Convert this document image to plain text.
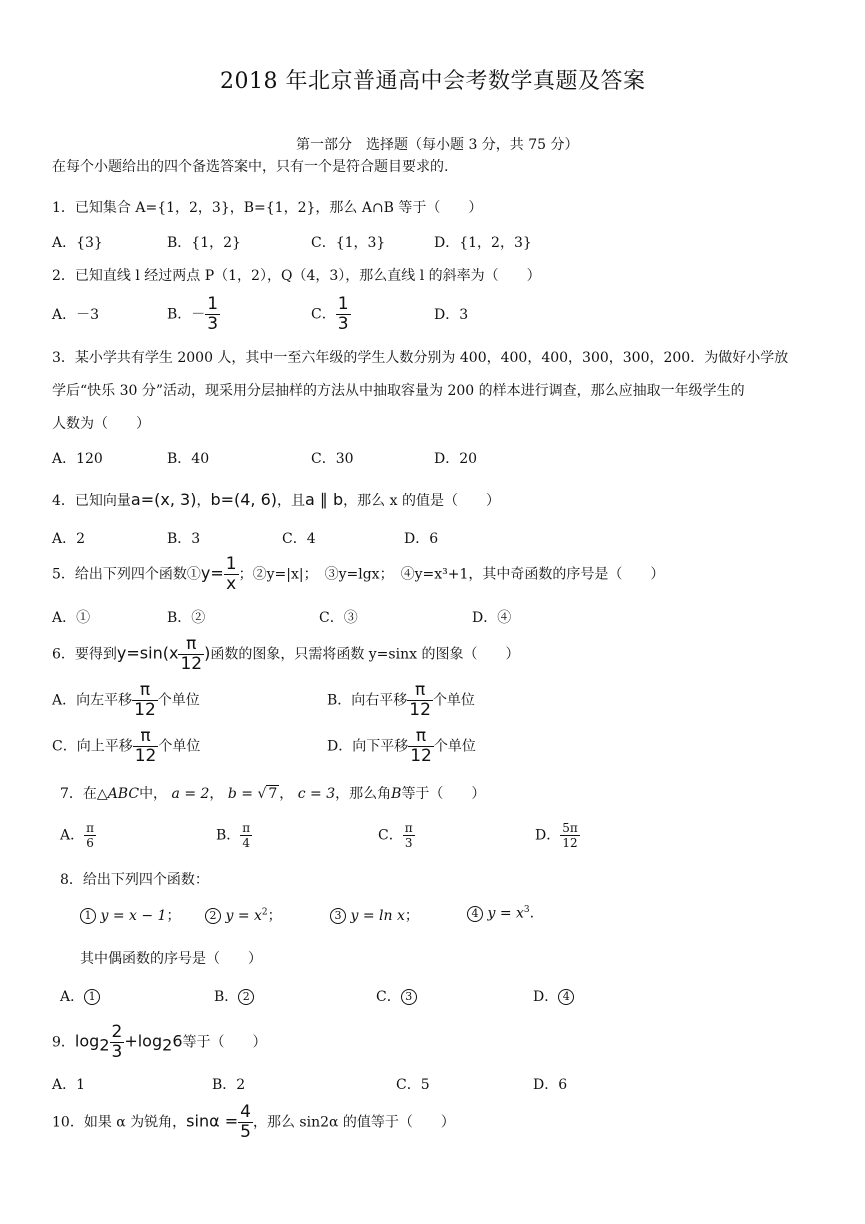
2018 年北京普通高中会考数学真题及答案
第一部分　选择题（每小题 3 分，共 75 分）
在每个小题给出的四个备选答案中，只有一个是符合题目要求的.
1．已知集合 A={1，2，3}，B={1，2}，那么 A∩B 等于（　　）
A．{3}	B．{1，2}	C．{1，3}	D．{1，2，3}
2．已知直线 l 经过两点 P（1，2），Q（4，3），那么直线 l 的斜率为（　　）
A．－3	B．－ $\frac{1}{3}$	C． $\frac{1}{3}$	D．3
3．某小学共有学生 2000 人，其中一至六年级的学生人数分别为 400，400，400，300，300，200．为做好小学放
学后“快乐 30 分”活动，现采用分层抽样的方法从中抽取容量为 200 的样本进行调查，那么应抽取一年级学生的
人数为（　　）
A．120	B．40	C．30	D．20
4．已知向量a=(x, 3)，b=(4, 6)，且a ∥ b，那么 x 的值是（　　）
A．2	B．3	C．4	D．6
5．给出下列四个函数①y= $\frac{1}{x}$ ；②y=|x|；　③y=lgx；　④y=x³+1，其中奇函数的序号是（　　）
A．①	B．②	C．③	D．④
6．要得到$y=\sin(x \frac{\pi}{12}$ )函数的图象，只需将函数 y=sinx 的图象（　　）
A．向左平移 $\frac{\pi}{12}$ 个单位	B．向右平移 $\frac{\pi}{12}$ 个单位
C．向上平移 $\frac{\pi}{12}$ 个单位	D．向下平移 $\frac{\pi}{12}$ 个单位
7．在△ABC中， a = 2， b = √ 7 ， c = 3，那么角B等于（　　）
A． $\frac{\pi}{6}$	B． $\frac{\pi}{4}$	C． $\frac{\pi}{3}$	D． $\frac{5\pi}{12}$
8．给出下列四个函数：
1 y = x − 1；	2 $y = x^2$；	3 y = ln x；	4 $y = x^3$.
其中偶函数的序号是（　　）
A． 1	B． 2	C． 3	D． 4
9．$\log_2 \frac{2}{3} +\log_26$等于（　　）
A．1	B．2	C．5	D．6
10．如果 α 为锐角，$\sin\alpha = \frac{4}{5}$ ，那么 sin2α 的值等于（　　）
